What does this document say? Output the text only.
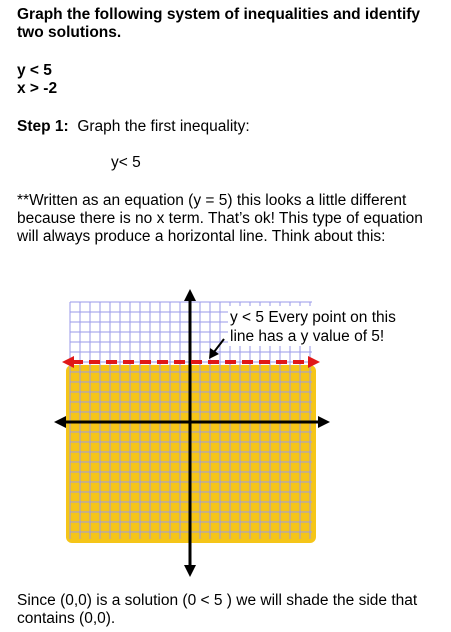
Graph the following system of inequalities and identify

two solutions.

y < 5

x > -2

Step 1: Graph the first inequality:

y< 5

**Written as an equation (y = 5) this looks a little different

because there is no x term. That’s ok! This type of equation

will always produce a horizontal line. Think about this:

y < 5 Every point on this
line has a y value of 5!

Since (0,0) is a solution (0 < 5 ) we will shade the side that

contains (0,0).
